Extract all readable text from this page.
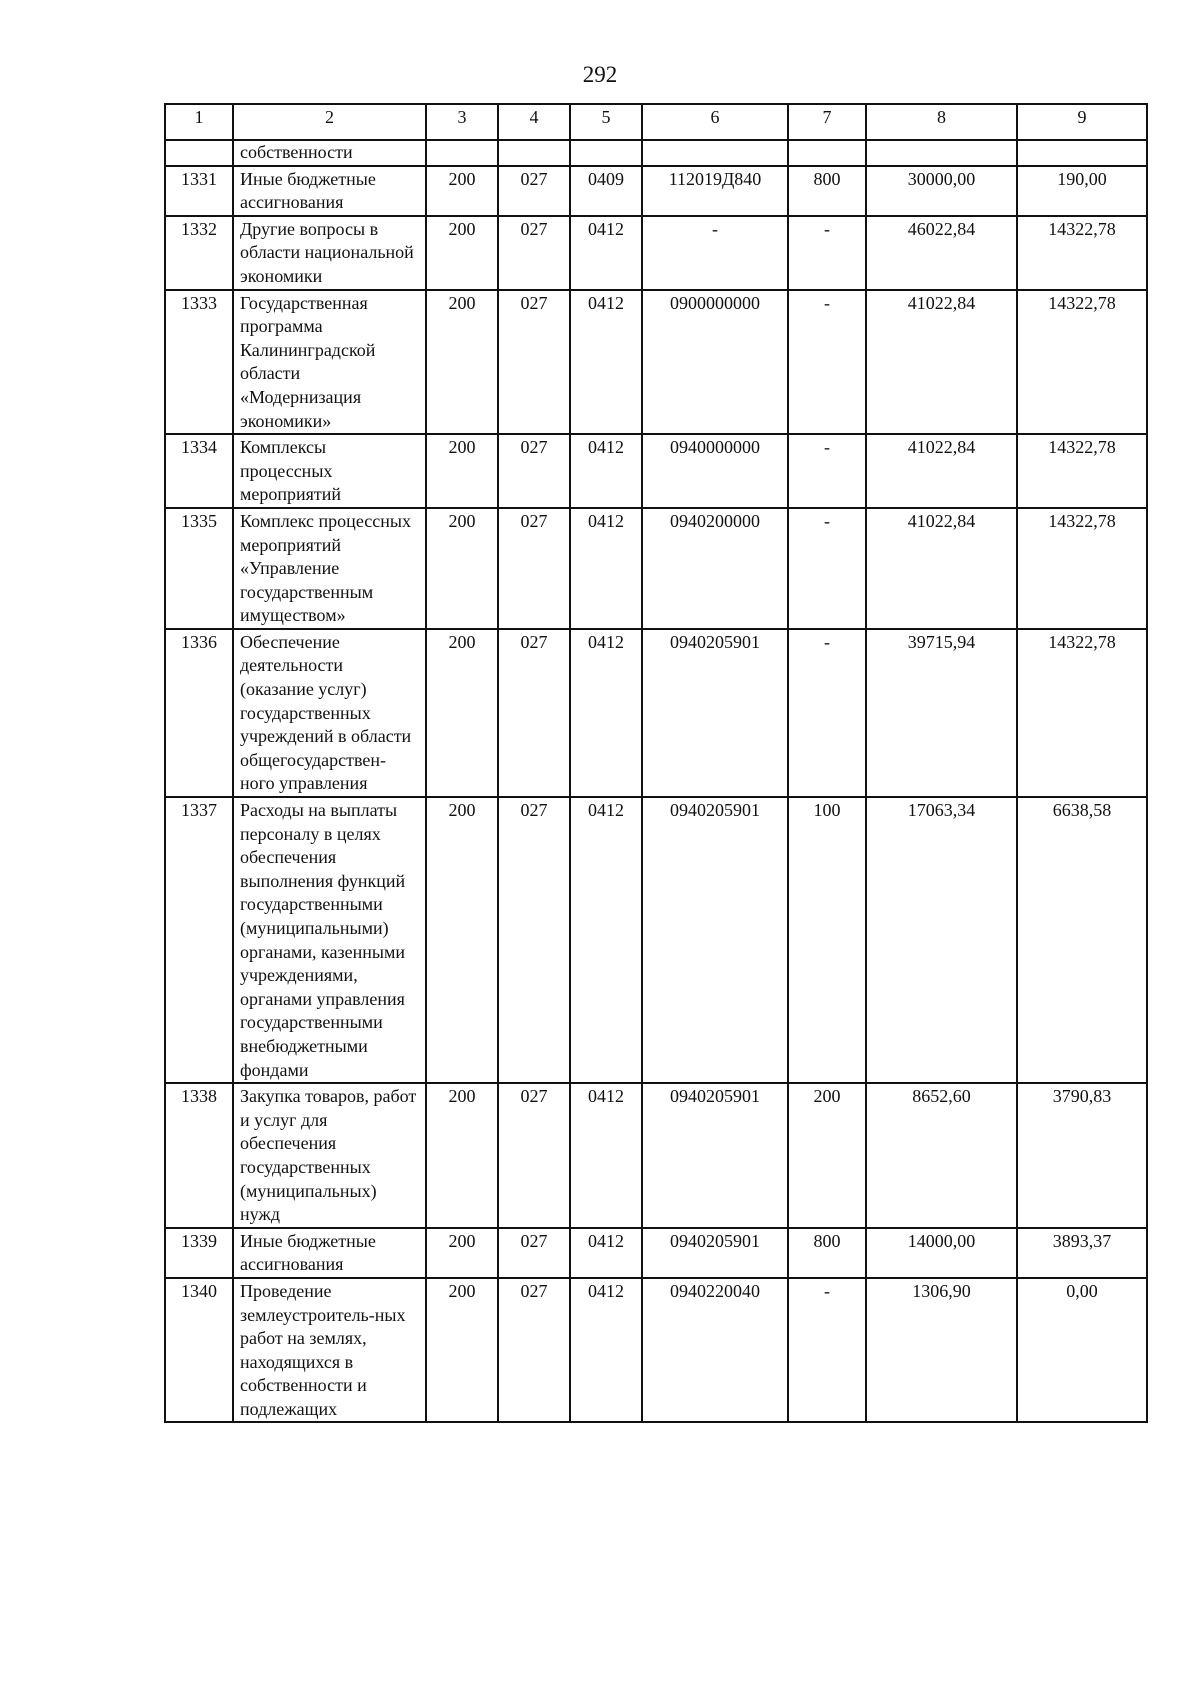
292
1	2	3	4	5	6	7	8	9
	собственности							
1331	Иные бюджетные ассигнования	200	027	0409	112019Д840	800	30000,00	190,00
1332	Другие вопросы в области национальной экономики	200	027	0412	-	-	46022,84	14322,78
1333	Государственная программа Калининградской области «Модернизация экономики»	200	027	0412	0900000000	-	41022,84	14322,78
1334	Комплексы процессных мероприятий	200	027	0412	0940000000	-	41022,84	14322,78
1335	Комплекс процессных мероприятий «Управление государственным имуществом»	200	027	0412	0940200000	-	41022,84	14322,78
1336	Обеспечение деятельности (оказание услуг) государственных учреждений в области общегосударствен-ного управления	200	027	0412	0940205901	-	39715,94	14322,78
1337	Расходы на выплаты персоналу в целях обеспечения выполнения функций государственными (муниципальными) органами, казенными учреждениями, органами управления государственными внебюджетными фондами	200	027	0412	0940205901	100	17063,34	6638,58
1338	Закупка товаров, работ и услуг для обеспечения государственных (муниципальных) нужд	200	027	0412	0940205901	200	8652,60	3790,83
1339	Иные бюджетные ассигнования	200	027	0412	0940205901	800	14000,00	3893,37
1340	Проведение землеустроитель-ных работ на землях, находящихся в собственности и подлежащих	200	027	0412	0940220040	-	1306,90	0,00
